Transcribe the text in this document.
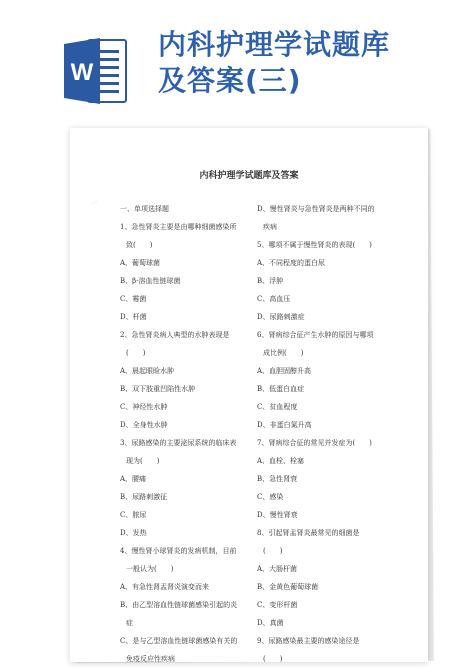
W
内科护理学试题库
及答案(三)
—
内科护理学试题库及答案
一、单项选择题
1、急性肾炎主要是由哪种细菌感染所
致(　　)
A、葡萄球菌
B、β-溶血性链球菌
C、霉菌
D、杆菌
2、急性肾炎病人典型的水肿表现是
(　　)
A、晨起眼睑水肿
B、双下肢重凹陷性水肿
C、神经性水肿
D、全身性水肿
3、尿路感染的主要泌尿系统的临床表
现为(　　)
A、腰痛
B、尿路刺激征
C、脓尿
D、发热
4、慢性肾小球肾炎的发病机制，目前
一般认为(　　)
A、有急性肾盂肾炎演变而来
B、由乙型溶血性链球菌感染引起的炎
症
C、是与乙型溶血性链球菌感染有关的
免疫反应性疾病
D、慢性肾炎与急性肾炎是两种不同的
疾病
5、哪项不属于慢性肾炎的表现(　　)
A、不同程度的蛋白尿
B、浮肿
C、高血压
D、尿路刺激症
6、肾病综合征产生水肿的原因与哪项
成比例(　　)
A、血胆固醇升高
B、低蛋白血症
C、贫血程度
D、非蛋白氮升高
7、肾病综合征的常见并发症为(　　)
A、血栓、栓塞
B、急性肾衰
C、感染
D、慢性肾衰
8、引起肾盂肾炎最常见的细菌是
(　　)
A、大肠杆菌
B、金黄色葡萄球菌
C、变形杆菌
D、真菌
9、尿路感染最主要的感染途径是
(　　)
